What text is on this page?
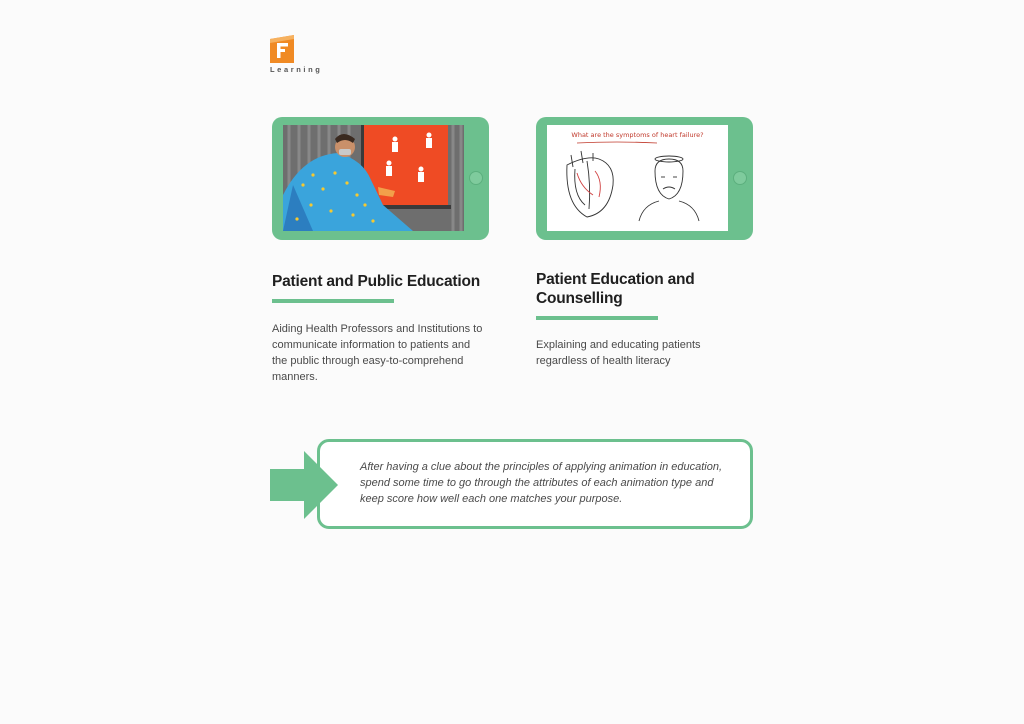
Learning
What are the symptoms of heart failure?
Patient and Public Education

Aiding Health Professors and Institutions to communicate information to patients and the public through easy-to-comprehend manners.

Patient Education and Counselling

Explaining and educating patients regardless of health literacy

After having a clue about the principles of applying animation in education, spend some time to go through the attributes of each animation type and keep score how well each one matches your purpose.
